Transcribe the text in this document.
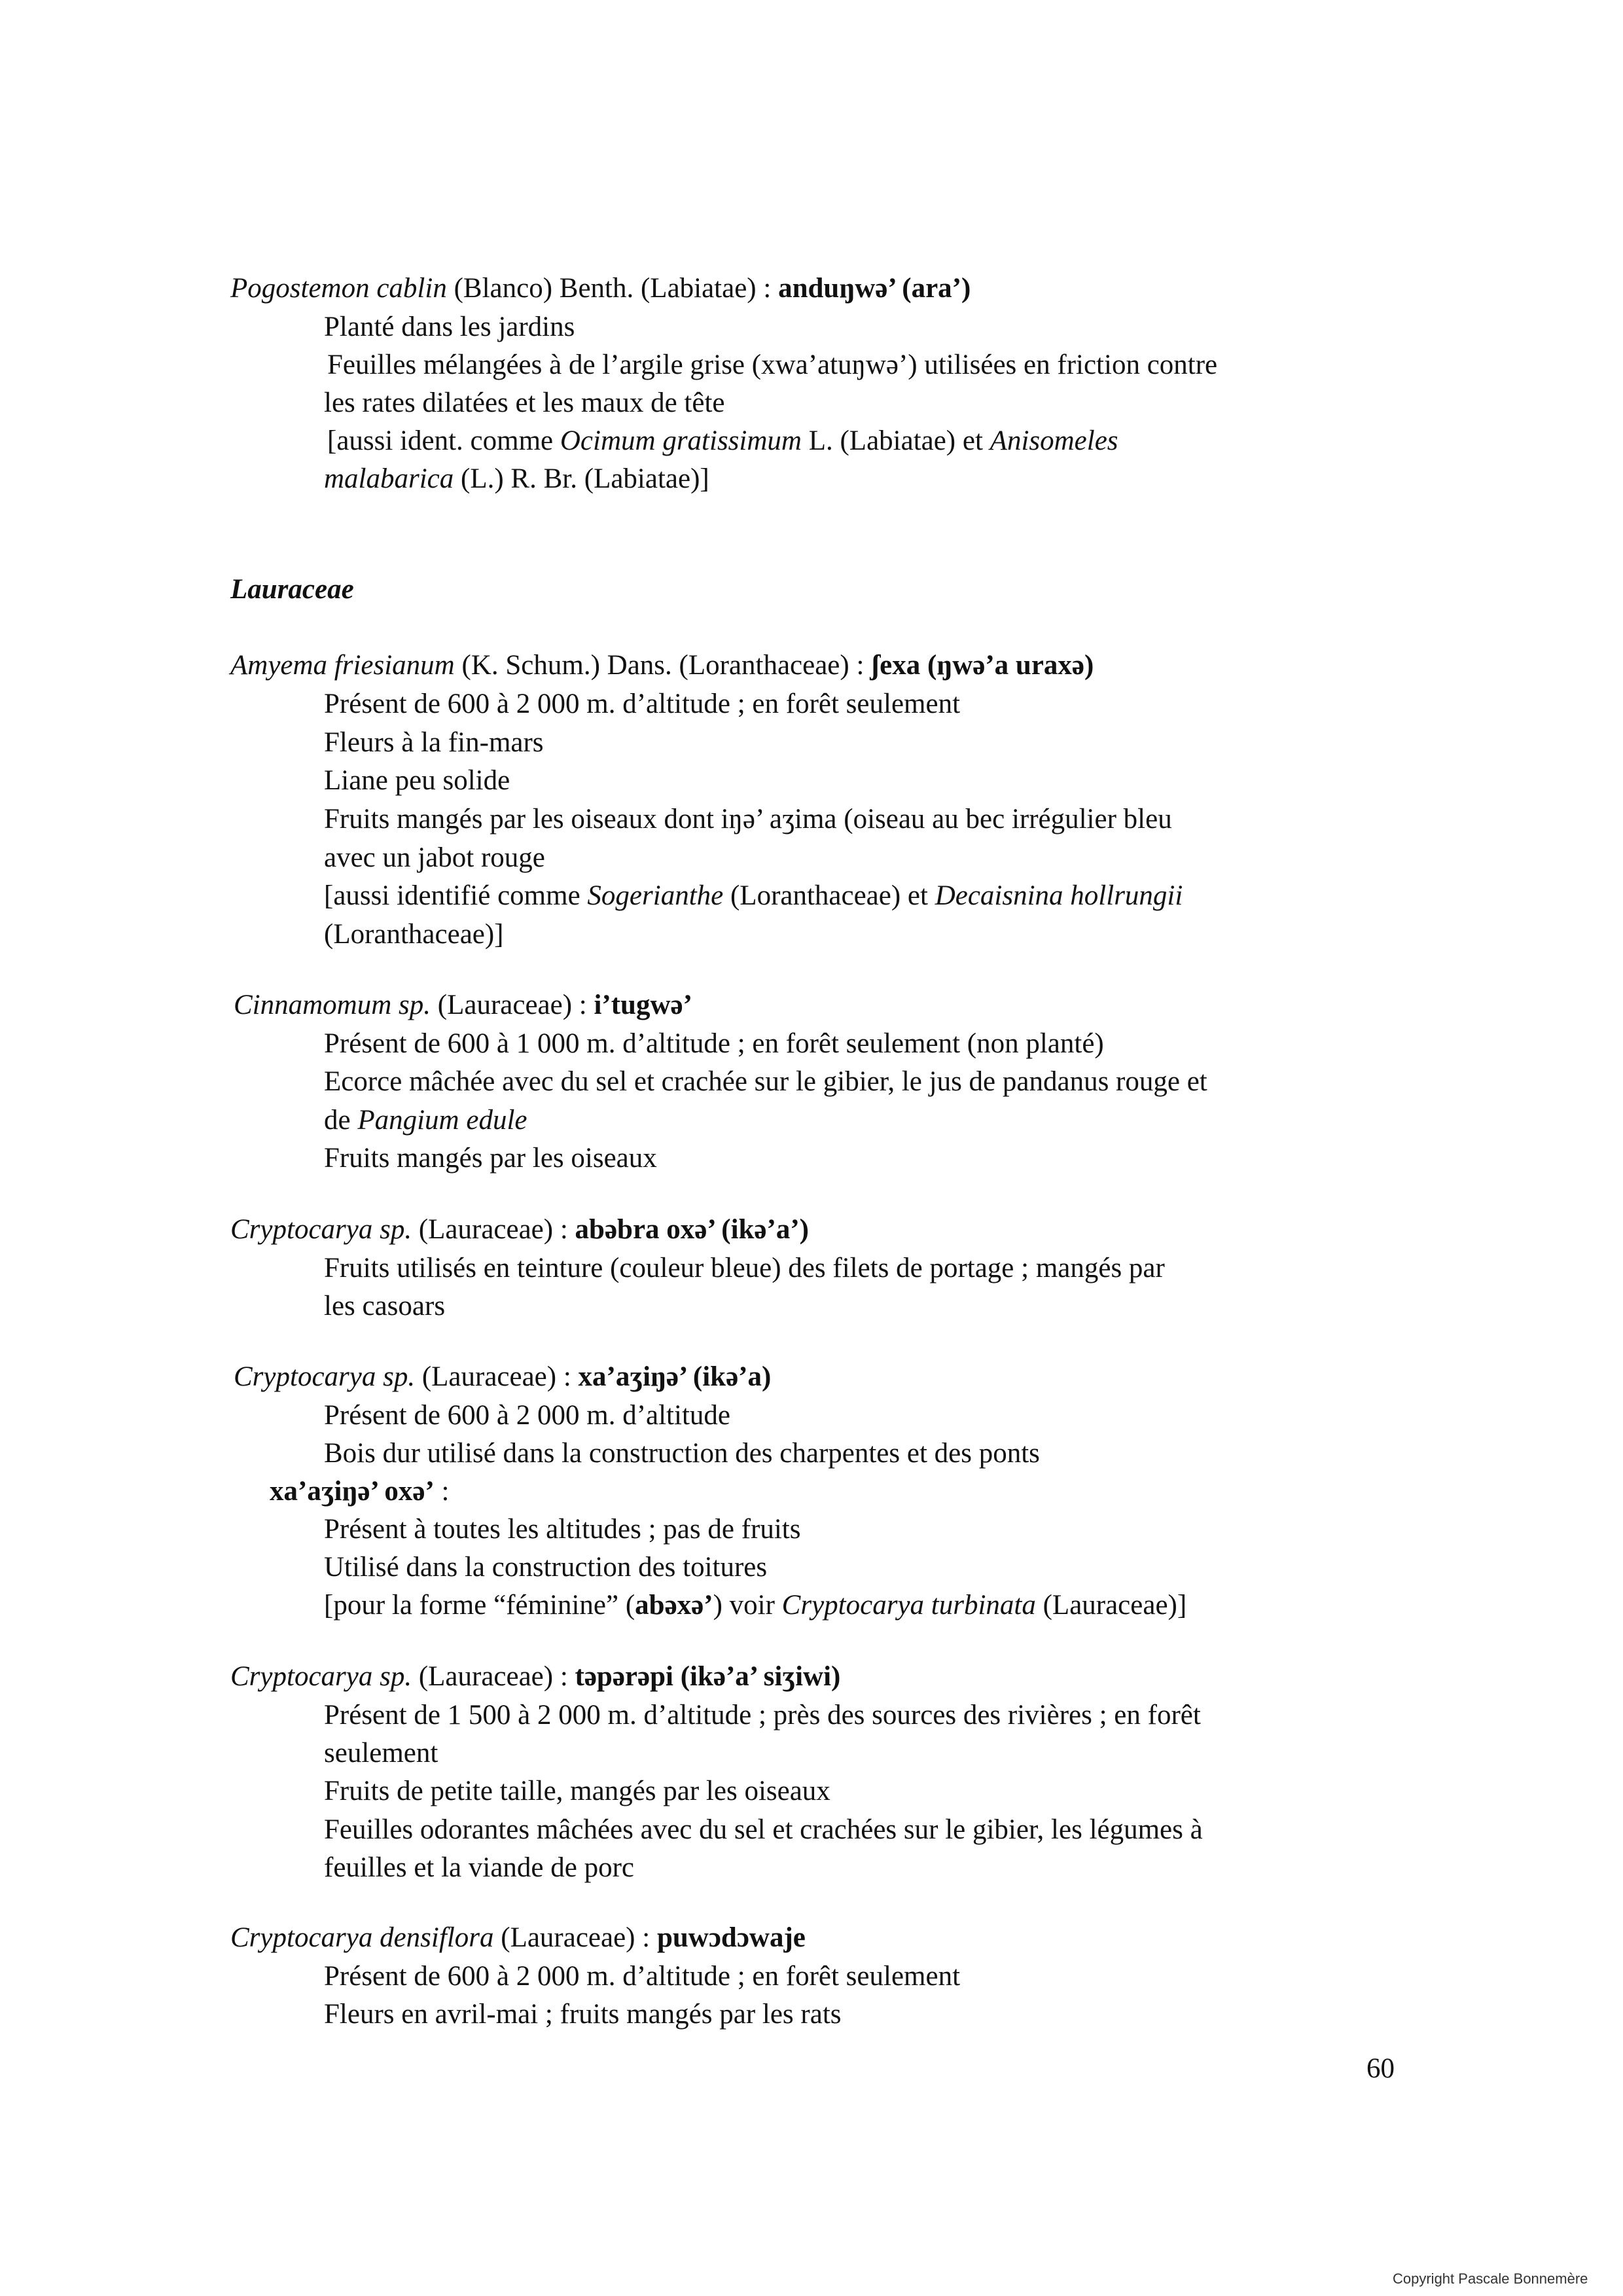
Pogostemon cablin (Blanco) Benth. (Labiatae) : anduŋwə’ (ara’)
Planté dans les jardins
Feuilles mélangées à de l’argile grise (xwa’atuŋwə’) utilisées en friction contre
les rates dilatées et les maux de tête
[aussi ident. comme Ocimum gratissimum L. (Labiatae) et Anisomeles
malabarica (L.) R. Br. (Labiatae)]
Lauraceae
Amyema friesianum (K. Schum.) Dans. (Loranthaceae) : ʃexa (ŋwə’a uraxə)
Présent de 600 à 2 000 m. d’altitude ; en forêt seulement
Fleurs à la fin-mars
Liane peu solide
Fruits mangés par les oiseaux dont iŋə’ aʒima (oiseau au bec irrégulier bleu
avec un jabot rouge
[aussi identifié comme Sogerianthe (Loranthaceae) et Decaisnina hollrungii
(Loranthaceae)]
Cinnamomum sp. (Lauraceae) : i’tugwə’
Présent de 600 à 1 000 m. d’altitude ; en forêt seulement (non planté)
Ecorce mâchée avec du sel et crachée sur le gibier, le jus de pandanus rouge et
de Pangium edule
Fruits mangés par les oiseaux
Cryptocarya sp. (Lauraceae) : abəbra oxə’ (ikə’a’)
Fruits utilisés en teinture (couleur bleue) des filets de portage ; mangés par
les casoars
Cryptocarya sp. (Lauraceae) : xa’aʒiŋə’ (ikə’a)
Présent de 600 à 2 000 m. d’altitude
Bois dur utilisé dans la construction des charpentes et des ponts
xa’aʒiŋə’ oxə’ :
Présent à toutes les altitudes ; pas de fruits
Utilisé dans la construction des toitures
[pour la forme “féminine” (abəxə’) voir Cryptocarya turbinata (Lauraceae)]
Cryptocarya sp. (Lauraceae) : təpərəpi (ikə’a’ siʒiwi)
Présent de 1 500 à 2 000 m. d’altitude ; près des sources des rivières ; en forêt
seulement
Fruits de petite taille, mangés par les oiseaux
Feuilles odorantes mâchées avec du sel et crachées sur le gibier, les légumes à
feuilles et la viande de porc
Cryptocarya densiflora (Lauraceae) : puwɔdɔwaje
Présent de 600 à 2 000 m. d’altitude ; en forêt seulement
Fleurs en avril-mai ; fruits mangés par les rats
60
Copyright Pascale Bonnemère
